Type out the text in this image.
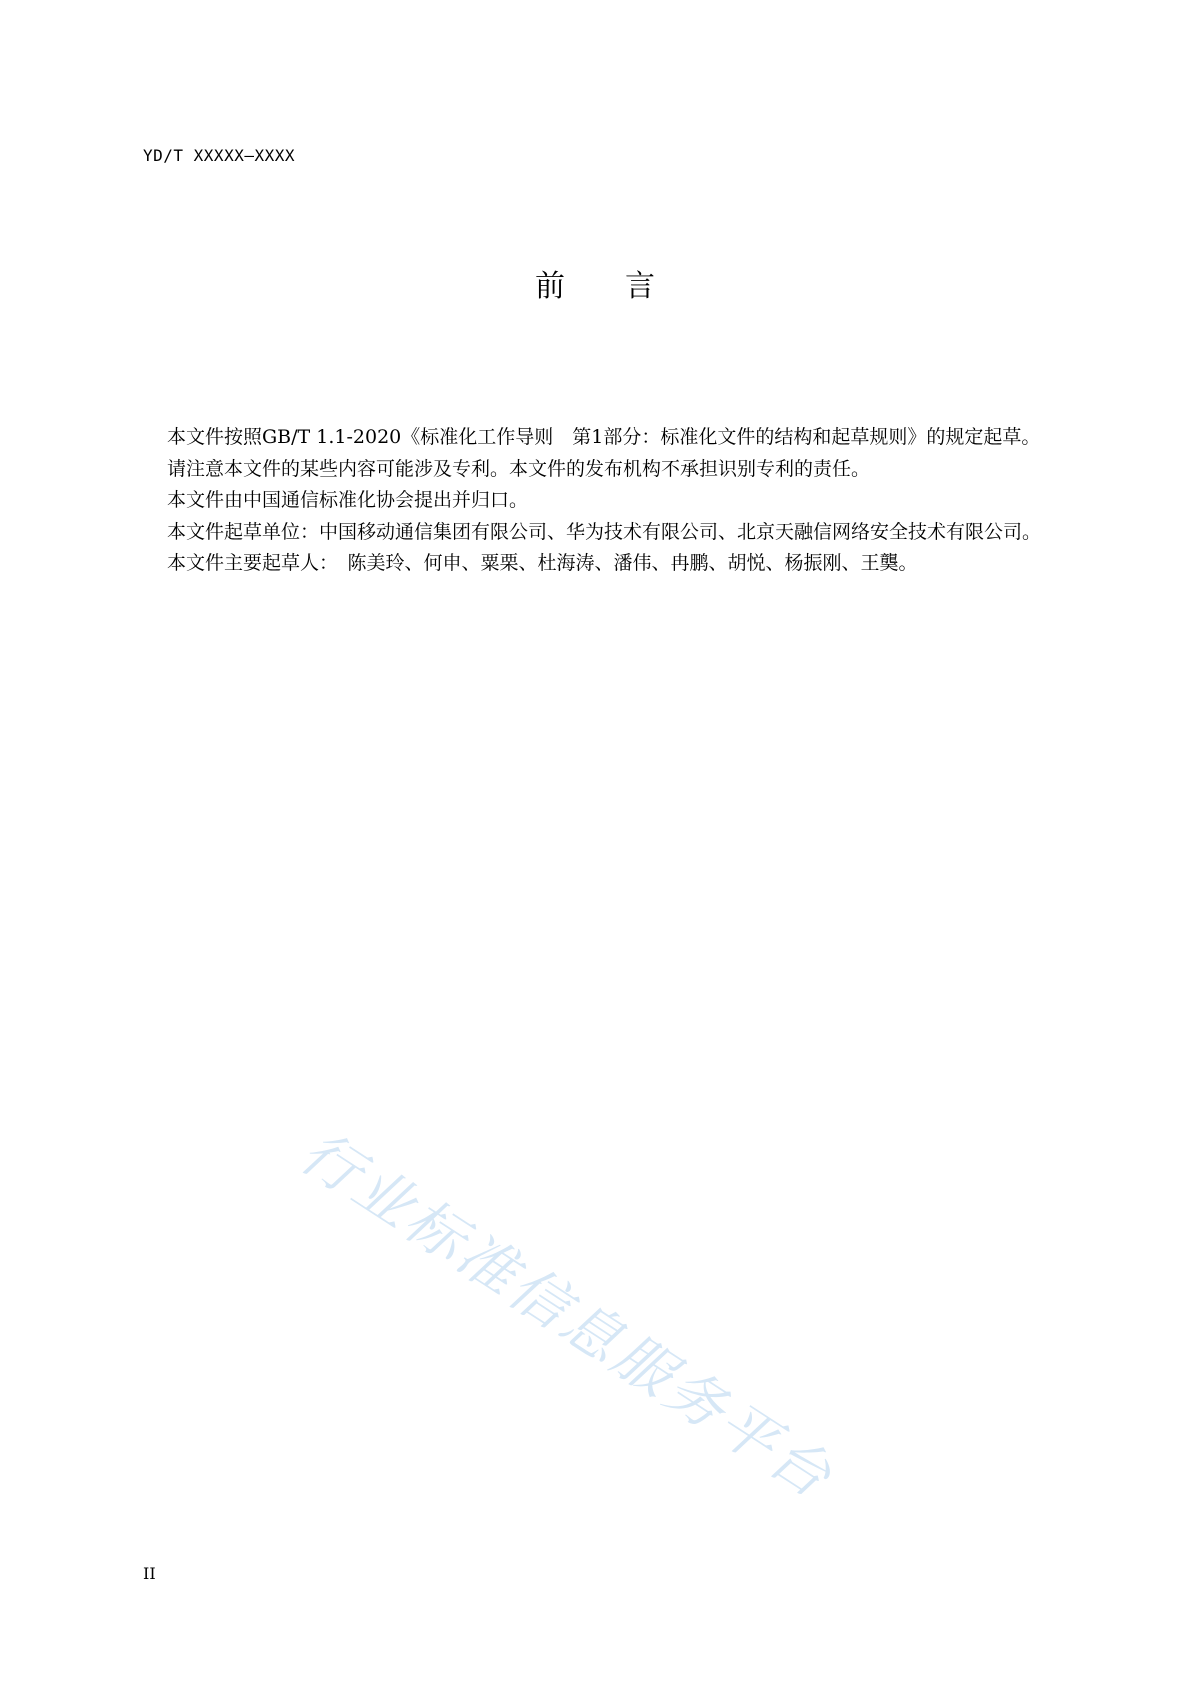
YD/T XXXXX—XXXX
前言

本文件按照GB/T 1.1-2020《标准化工作导则　第1部分：标准化文件的结构和起草规则》的规定起草。

请注意本文件的某些内容可能涉及专利。本文件的发布机构不承担识别专利的责任。

本文件由中国通信标准化协会提出并归口。

本文件起草单位：中国移动通信集团有限公司、华为技术有限公司、北京天融信网络安全技术有限公司。

本文件主要起草人：　陈美玲、何申、粟栗、杜海涛、潘伟、冉鹏、胡悦、杨振刚、王龑。

行业标准信息服务平台
II
